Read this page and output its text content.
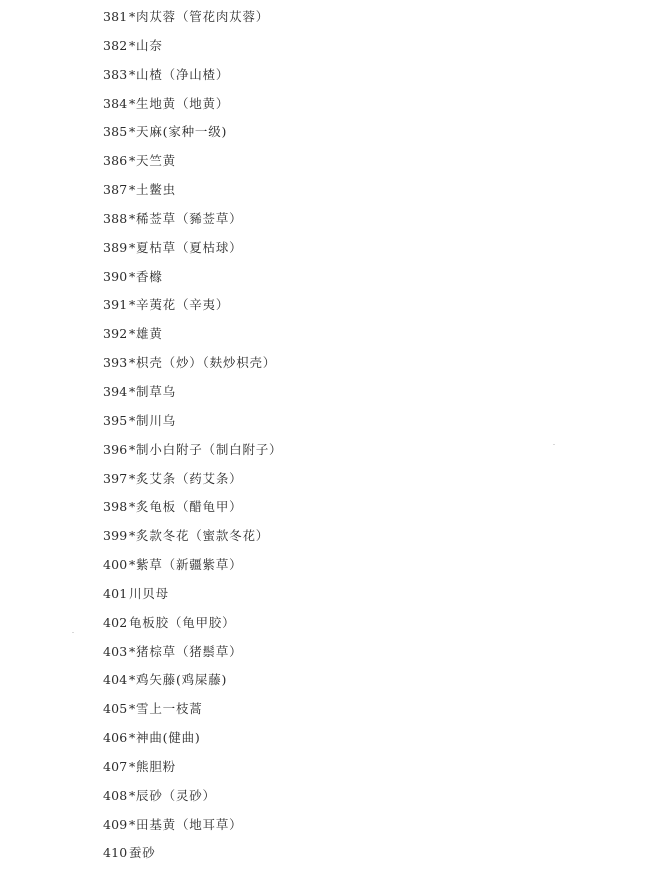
381 *肉苁蓉（管花肉苁蓉）
382 *山奈
383 *山楂（净山楂）
384 *生地黄（地黄）
385 *天麻(家种一级)
386 *天竺黄
387 *土鳖虫
388 *稀莶草（豨莶草）
389 *夏枯草（夏枯球）
390 *香橼
391 *辛荑花（辛夷）
392 *雄黄
393 *枳壳（炒）（麸炒枳壳）
394 *制草乌
395 *制川乌
396 *制小白附子（制白附子）
397 *炙艾条（药艾条）
398 *炙龟板（醋龟甲）
399 *炙款冬花（蜜款冬花）
400 *紫草（新疆紫草）
401 川贝母
402 龟板胶（龟甲胶）
403 *猪棕草（猪鬃草）
404 *鸡矢藤(鸡屎藤)
405 *雪上一枝蒿
406 *神曲(健曲)
407 *熊胆粉
408 *辰砂（灵砂）
409 *田基黄（地耳草）
410 蚕砂
